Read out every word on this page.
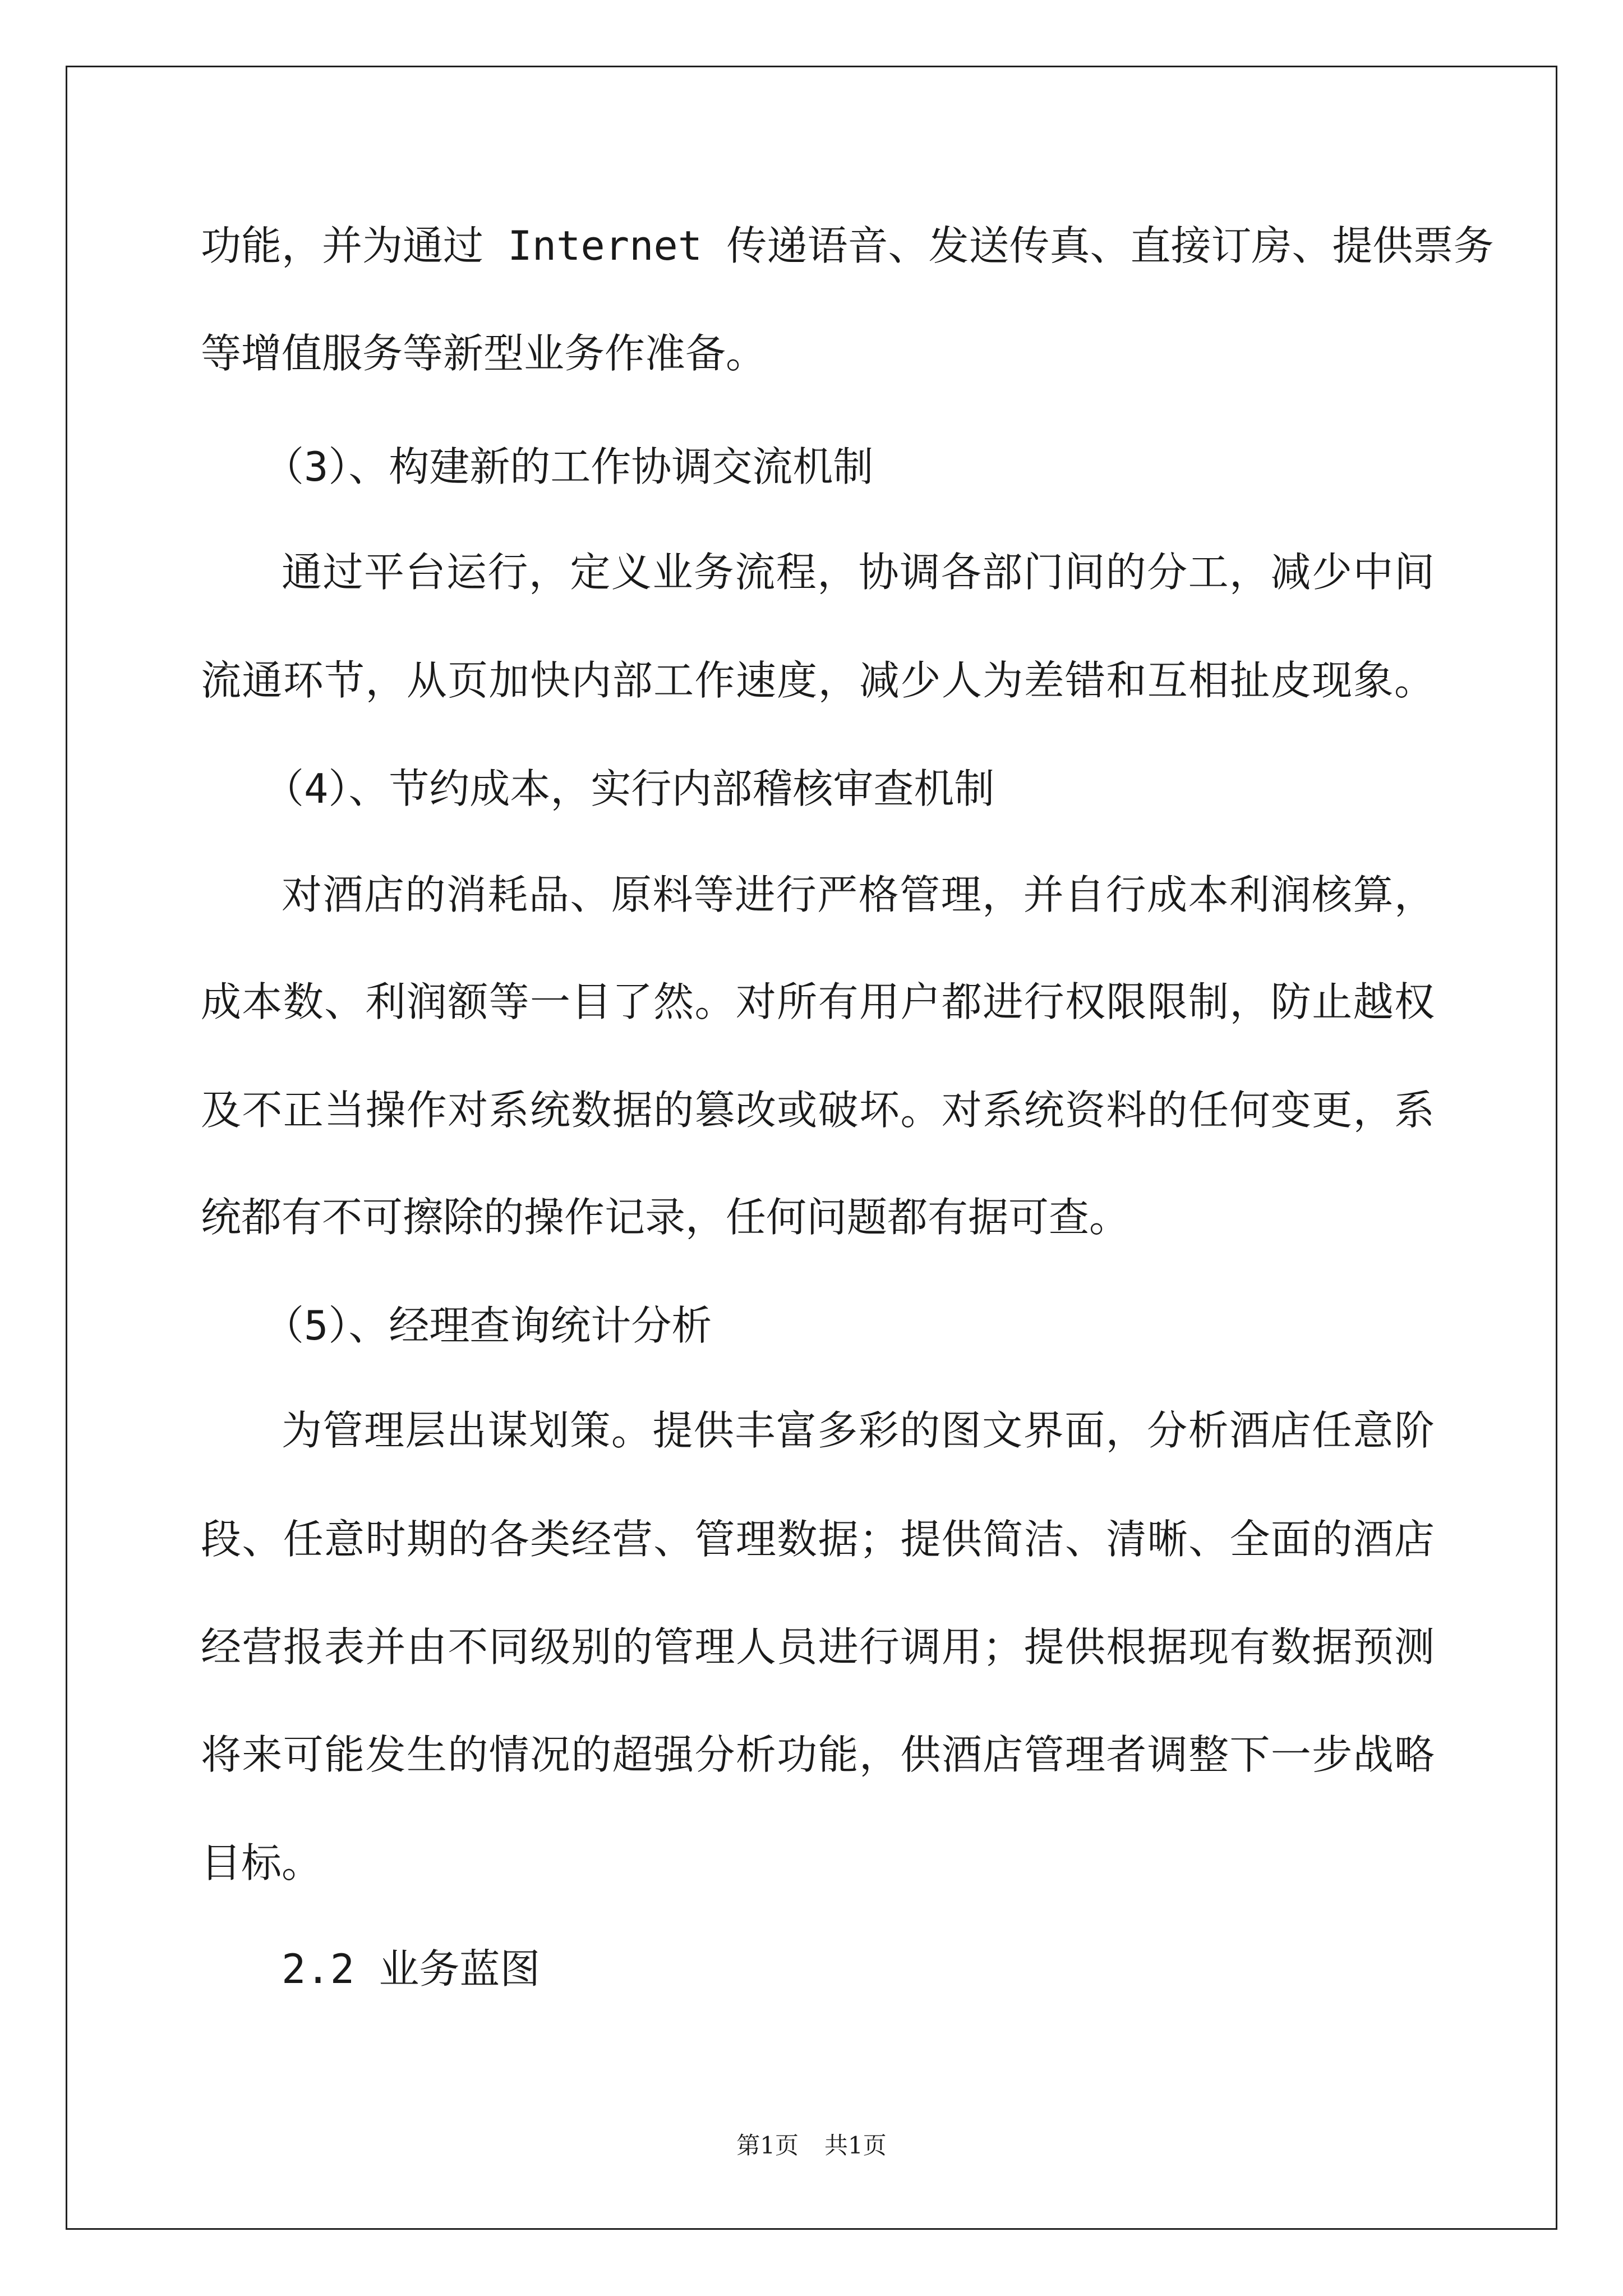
功能，并为通过 Internet 传递语音、发送传真、直接订房、提供票务

等增值服务等新型业务作准备。

（3）、构建新的工作协调交流机制

通过平台运行，定义业务流程，协调各部门间的分工，减少中间

流通环节，从页加快内部工作速度，减少人为差错和互相扯皮现象。

（4）、节约成本，实行内部稽核审查机制

对酒店的消耗品、原料等进行严格管理，并自行成本利润核算，

成本数、利润额等一目了然。对所有用户都进行权限限制，防止越权

及不正当操作对系统数据的篡改或破坏。对系统资料的任何变更，系

统都有不可擦除的操作记录，任何问题都有据可查。

（5）、经理查询统计分析

为管理层出谋划策。提供丰富多彩的图文界面，分析酒店任意阶

段、任意时期的各类经营、管理数据；提供简洁、清晰、全面的酒店

经营报表并由不同级别的管理人员进行调用；提供根据现有数据预测

将来可能发生的情况的超强分析功能，供酒店管理者调整下一步战略

目标。

2.2 业务蓝图

第1页 共1页
